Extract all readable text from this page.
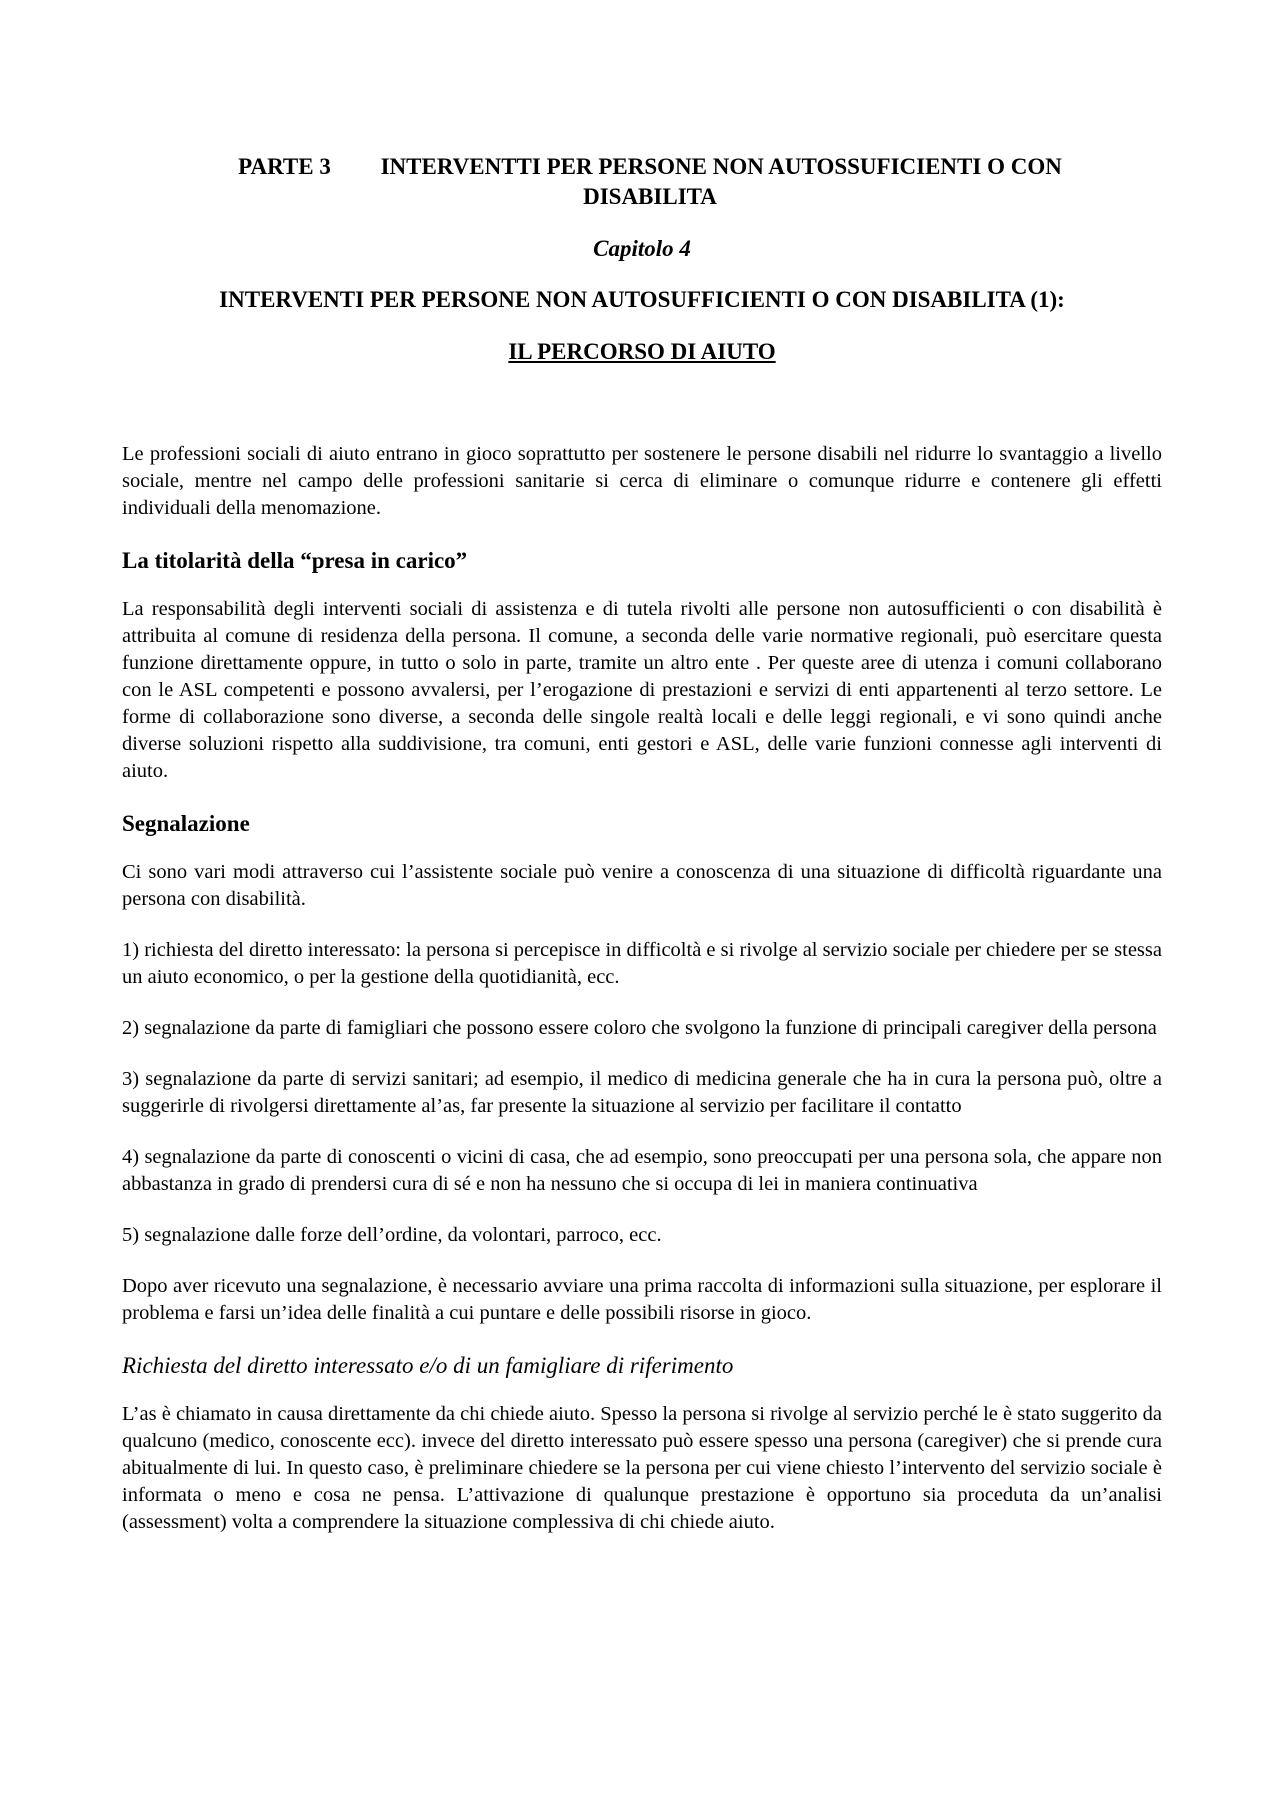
PARTE 3 INTERVENTTI PER PERSONE NON AUTOSSUFICIENTI O CON
DISABILITA
Capitolo 4
INTERVENTI PER PERSONE NON AUTOSUFFICIENTI O CON DISABILITA (1):
IL PERCORSO DI AIUTO

Le professioni sociali di aiuto entrano in gioco soprattutto per sostenere le persone disabili nel ridurre lo svantaggio a livello sociale, mentre nel campo delle professioni sanitarie si cerca di eliminare o comunque ridurre e contenere gli effetti individuali della menomazione.

La titolarità della “presa in carico”

La responsabilità degli interventi sociali di assistenza e di tutela rivolti alle persone non autosufficienti o con disabilità è attribuita al comune di residenza della persona. Il comune, a seconda delle varie normative regionali, può esercitare questa funzione direttamente oppure, in tutto o solo in parte, tramite un altro ente . Per queste aree di utenza i comuni collaborano con le ASL competenti e possono avvalersi, per l’erogazione di prestazioni e servizi di enti appartenenti al terzo settore. Le forme di collaborazione sono diverse, a seconda delle singole realtà locali e delle leggi regionali, e vi sono quindi anche diverse soluzioni rispetto alla suddivisione, tra comuni, enti gestori e ASL, delle varie funzioni connesse agli interventi di aiuto.

Segnalazione

Ci sono vari modi attraverso cui l’assistente sociale può venire a conoscenza di una situazione di difficoltà riguardante una persona con disabilità.

1) richiesta del diretto interessato: la persona si percepisce in difficoltà e si rivolge al servizio sociale per chiedere per se stessa un aiuto economico, o per la gestione della quotidianità, ecc.

2) segnalazione da parte di famigliari che possono essere coloro che svolgono la funzione di principali caregiver della persona

3) segnalazione da parte di servizi sanitari; ad esempio, il medico di medicina generale che ha in cura la persona può, oltre a suggerirle di rivolgersi direttamente al’as, far presente la situazione al servizio per facilitare il contatto

4) segnalazione da parte di conoscenti o vicini di casa, che ad esempio, sono preoccupati per una persona sola, che appare non abbastanza in grado di prendersi cura di sé e non ha nessuno che si occupa di lei in maniera continuativa

5) segnalazione dalle forze dell’ordine, da volontari, parroco, ecc.

Dopo aver ricevuto una segnalazione, è necessario avviare una prima raccolta di informazioni sulla situazione, per esplorare il problema e farsi un’idea delle finalità a cui puntare e delle possibili risorse in gioco.

Richiesta del diretto interessato e/o di un famigliare di riferimento

L’as è chiamato in causa direttamente da chi chiede aiuto. Spesso la persona si rivolge al servizio perché le è stato suggerito da qualcuno (medico, conoscente ecc). invece del diretto interessato può essere spesso una persona (caregiver) che si prende cura abitualmente di lui. In questo caso, è preliminare chiedere se la persona per cui viene chiesto l’intervento del servizio sociale è informata o meno e cosa ne pensa. L’attivazione di qualunque prestazione è opportuno sia proceduta da un’analisi (assessment) volta a comprendere la situazione complessiva di chi chiede aiuto.
